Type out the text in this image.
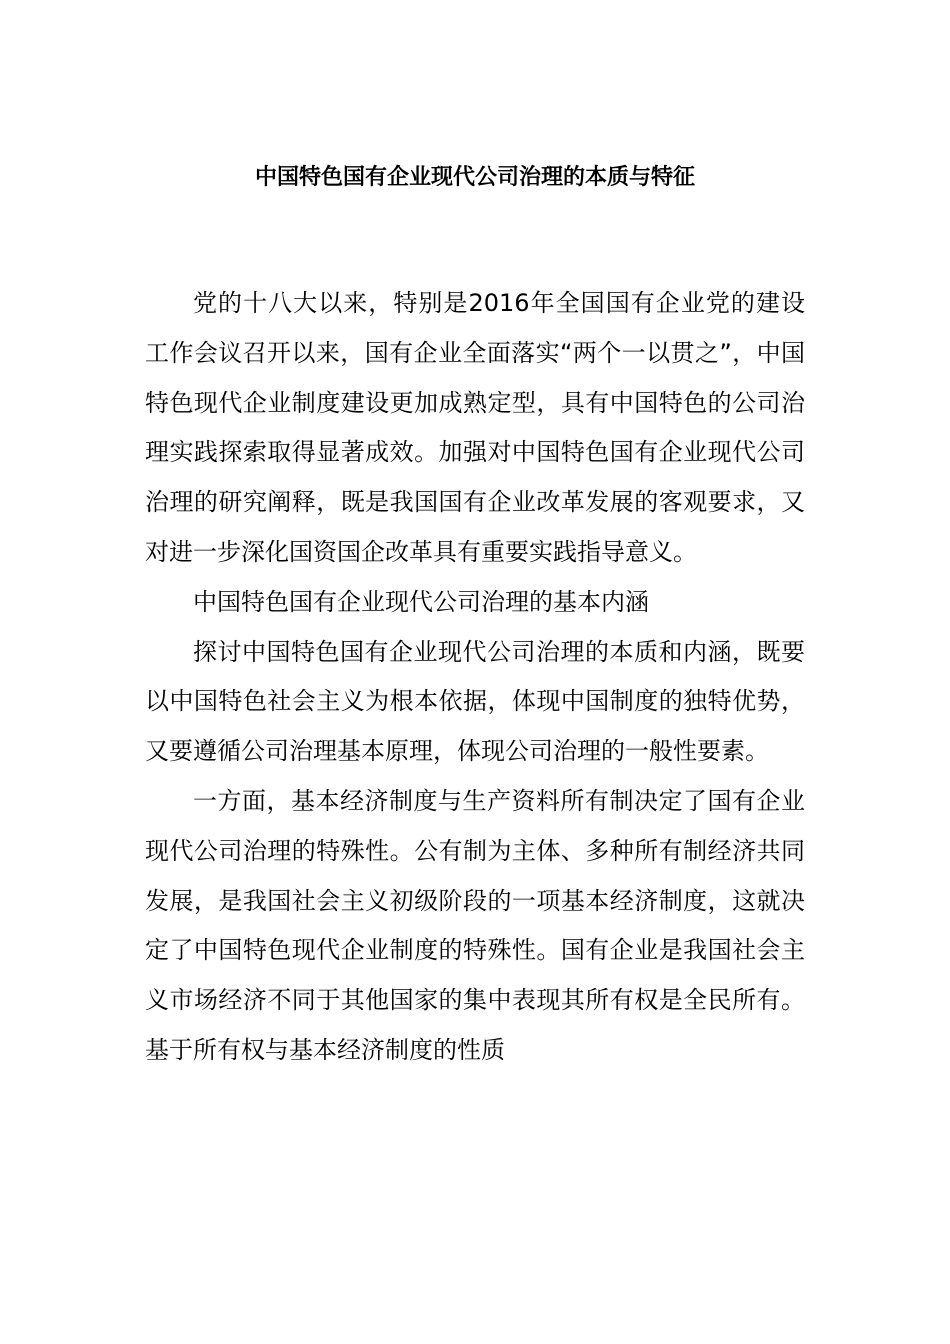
中国特色国有企业现代公司治理的本质与特征

党的十八大以来，特别是2016年全国国有企业党的建设工作会议召开以来，国有企业全面落实“两个一以贯之”，中国特色现代企业制度建设更加成熟定型，具有中国特色的公司治理实践探索取得显著成效。加强对中国特色国有企业现代公司治理的研究阐释，既是我国国有企业改革发展的客观要求，又对进一步深化国资国企改革具有重要实践指导意义。

中国特色国有企业现代公司治理的基本内涵

探讨中国特色国有企业现代公司治理的本质和内涵，既要以中国特色社会主义为根本依据，体现中国制度的独特优势，又要遵循公司治理基本原理，体现公司治理的一般性要素。

一方面，基本经济制度与生产资料所有制决定了国有企业现代公司治理的特殊性。公有制为主体、多种所有制经济共同发展，是我国社会主义初级阶段的一项基本经济制度，这就决定了中国特色现代企业制度的特殊性。国有企业是我国社会主义市场经济不同于其他国家的集中表现其所有权是全民所有。基于所有权与基本经济制度的性质
